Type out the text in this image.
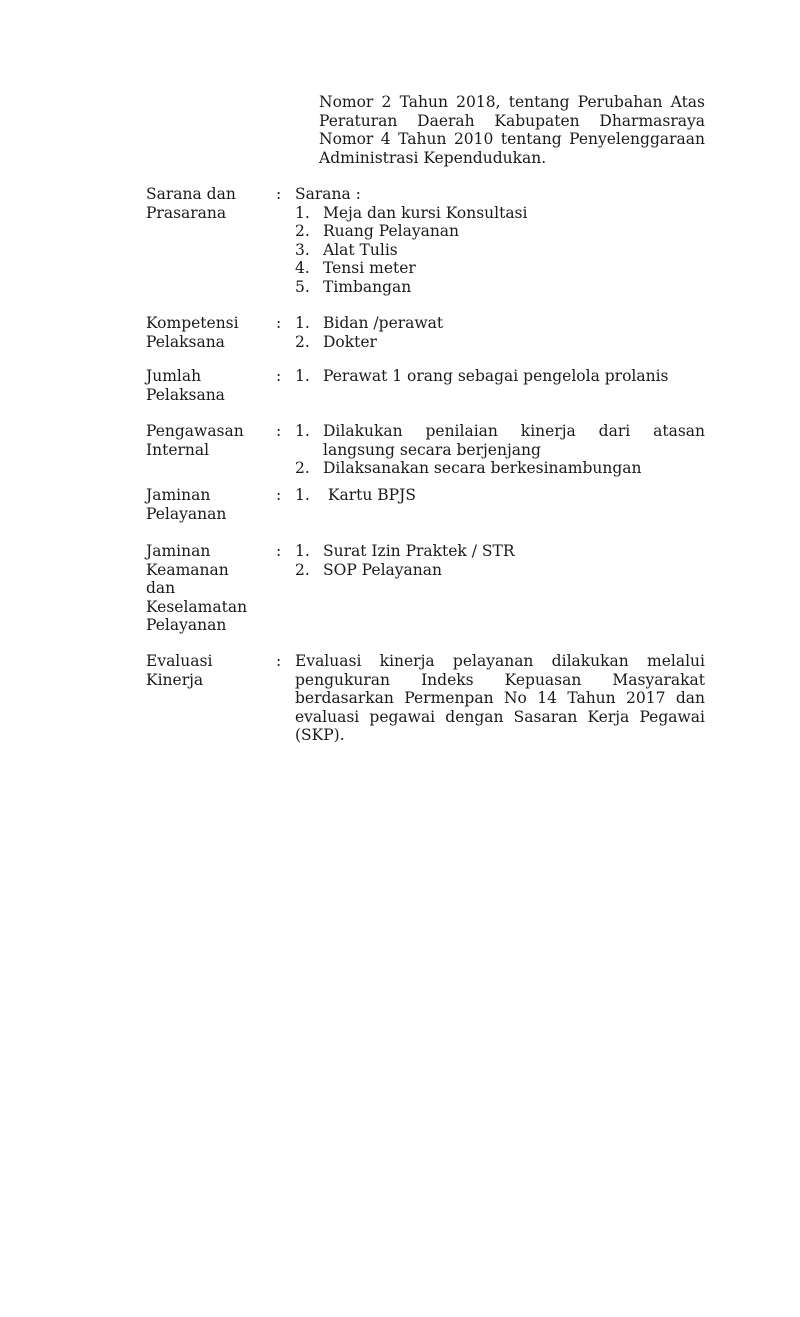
Nomor 2 Tahun 2018, tentang Perubahan Atas
Peraturan Daerah Kabupaten Dharmasraya
Nomor 4 Tahun 2010 tentang Penyelenggaraan
Administrasi Kependudukan.
Sarana dan
Prasarana
: Sarana :
1. Meja dan kursi Konsultasi
2. Ruang Pelayanan
3. Alat Tulis
4. Tensi meter
5. Timbangan
Kompetensi
Pelaksana
: 1. Bidan /perawat
2. Dokter
Jumlah
Pelaksana
: 1. Perawat 1 orang sebagai pengelola prolanis
Pengawasan
Internal
: 1. Dilakukan penilaian kinerja dari atasan
langsung secara berjenjang
2. Dilaksanakan secara berkesinambungan
Jaminan
Pelayanan
: 1. Kartu BPJS
Jaminan
Keamanan
dan
Keselamatan
Pelayanan
: 1. Surat Izin Praktek / STR
2. SOP Pelayanan
Evaluasi
Kinerja
: Evaluasi kinerja pelayanan dilakukan melalui
pengukuran Indeks Kepuasan Masyarakat
berdasarkan Permenpan No 14 Tahun 2017 dan
evaluasi pegawai dengan Sasaran Kerja Pegawai
(SKP).
